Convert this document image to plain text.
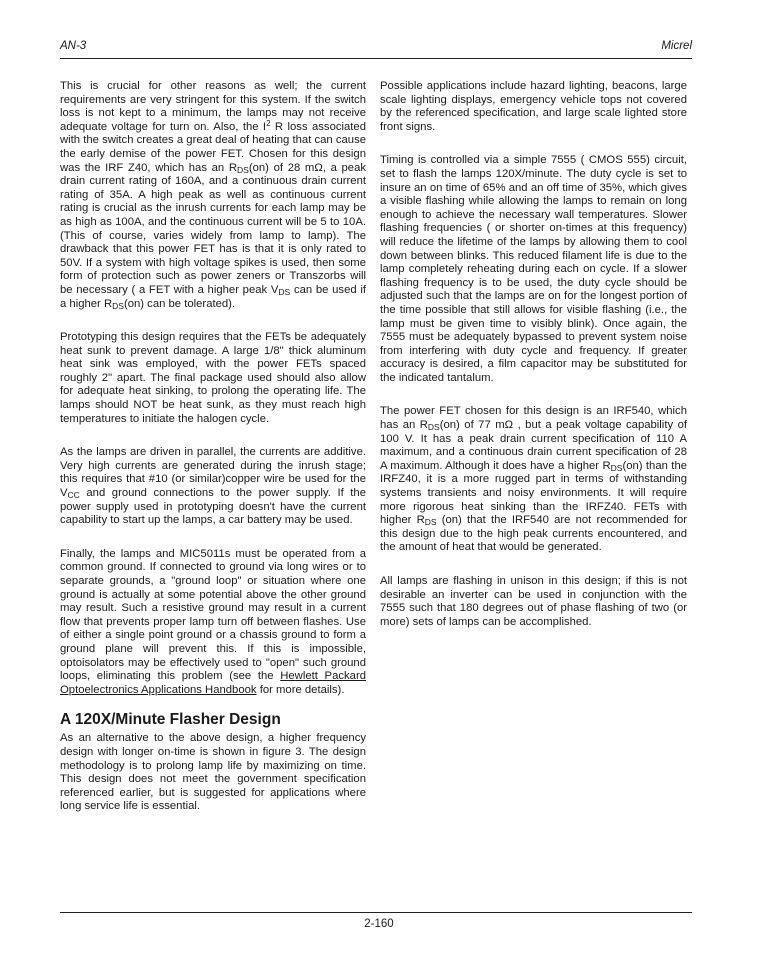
AN-3	Micrel

This is crucial for other reasons as well; the current requirements are very stringent for this system. If the switch loss is not kept to a minimum, the lamps may not receive adequate voltage for turn on. Also, the $I^2$ R loss associated with the switch creates a great deal of heating that can cause the early demise of the power FET. Chosen for this design was the IRF Z40, which has an $R_{DS}(on)$ of 28 mΩ, a peak drain current rating of 160A, and a continuous drain current rating of 35A. A high peak as well as continuous current rating is crucial as the inrush currents for each lamp may be as high as 100A, and the continuous current will be 5 to 10A. (This of course, varies widely from lamp to lamp). The drawback that this power FET has is that it is only rated to 50V. If a system with high voltage spikes is used, then some form of protection such as power zeners or Transzorbs will be necessary ( a FET with a higher peak $V_{DS}$ can be used if a higher $R_{DS}(on)$ can be tolerated).

Prototyping this design requires that the FETs be adequately heat sunk to prevent damage. A large 1/8" thick aluminum heat sink was employed, with the power FETs spaced roughly 2" apart. The final package used should also allow for adequate heat sinking, to prolong the operating life. The lamps should NOT be heat sunk, as they must reach high temperatures to initiate the halogen cycle.

As the lamps are driven in parallel, the currents are additive. Very high currents are generated during the inrush stage; this requires that #10 (or similar)copper wire be used for the $V_{CC}$ and ground connections to the power supply. If the power supply used in prototyping doesn't have the current capability to start up the lamps, a car battery may be used.

Finally, the lamps and MIC5011s must be operated from a common ground. If connected to ground via long wires or to separate grounds, a "ground loop" or situation where one ground is actually at some potential above the other ground may result. Such a resistive ground may result in a current flow that prevents proper lamp turn off between flashes. Use of either a single point ground or a chassis ground to form a ground plane will prevent this. If this is impossible, optoisolators may be effectively used to "open" such ground loops, eliminating this problem (see the Hewlett Packard Optoelectronics Applications Handbook for more details).

A 120X/Minute Flasher Design

As an alternative to the above design, a higher frequency design with longer on-time is shown in figure 3. The design methodology is to prolong lamp life by maximizing on time. This design does not meet the government specification referenced earlier, but is suggested for applications where long service life is essential.

Possible applications include hazard lighting, beacons, large scale lighting displays, emergency vehicle tops not covered by the referenced specification, and large scale lighted store front signs.

Timing is controlled via a simple 7555 ( CMOS 555) circuit, set to flash the lamps 120X/minute. The duty cycle is set to insure an on time of 65% and an off time of 35%, which gives a visible flashing while allowing the lamps to remain on long enough to achieve the necessary wall temperatures. Slower flashing frequencies ( or shorter on-times at this frequency) will reduce the lifetime of the lamps by allowing them to cool down between blinks. This reduced filament life is due to the lamp completely reheating during each on cycle. If a slower flashing frequency is to be used, the duty cycle should be adjusted such that the lamps are on for the longest portion of the time possible that still allows for visible flashing (i.e., the lamp must be given time to visibly blink). Once again, the 7555 must be adequately bypassed to prevent system noise from interfering with duty cycle and frequency. If greater accuracy is desired, a film capacitor may be substituted for the indicated tantalum.

The power FET chosen for this design is an IRF540, which has an $R_{DS}(on)$ of 77 mΩ , but a peak voltage capability of 100 V. It has a peak drain current specification of 110 A maximum, and a continuous drain current specification of 28 A maximum. Although it does have a higher $R_{DS}(on)$ than the IRFZ40, it is a more rugged part in terms of withstanding systems transients and noisy environments. It will require more rigorous heat sinking than the IRFZ40. FETs with higher $R_{DS}$ (on) that the IRF540 are not recommended for this design due to the high peak currents encountered, and the amount of heat that would be generated.

All lamps are flashing in unison in this design; if this is not desirable an inverter can be used in conjunction with the 7555 such that 180 degrees out of phase flashing of two (or more) sets of lamps can be accomplished.

2-160
